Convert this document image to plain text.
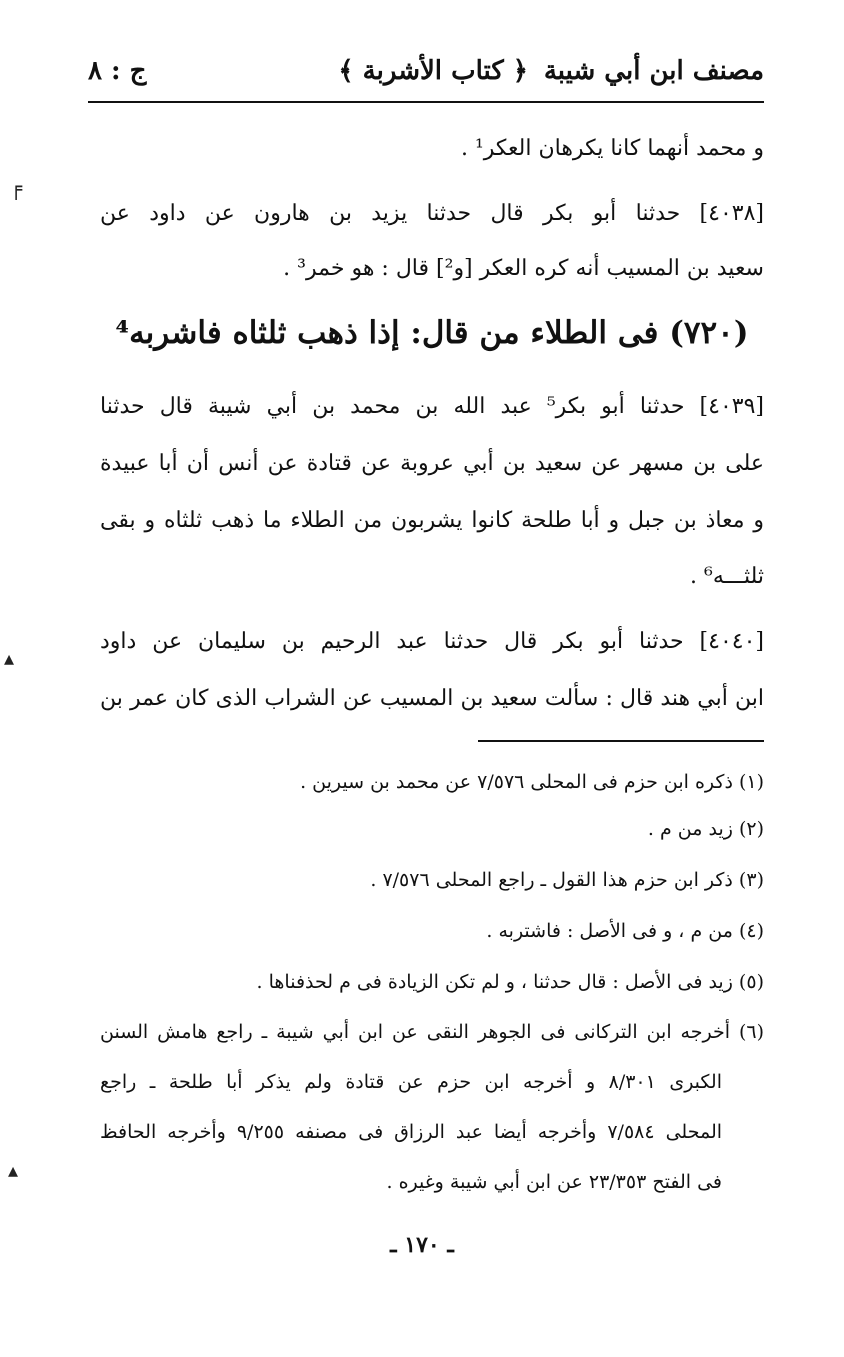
مصنف ابن أبي شيبة
﴿ كتاب الأشربة ﴾
ج : ٨
و محمد أنهما كانا يكرهان العكر¹ .
[٤٠٣٨] حدثنا أبو بكر قال حدثنا يزيد بن هارون عن داود عن
سعيد بن المسيب أنه كره العكر [و²] قال : هو خمر³ .
(٧٢٠) فى الطلاء من قال: إذا ذهب ثلثاه فاشربه⁴
[٤٠٣٩] حدثنا أبو بكر⁵ عبد الله بن محمد بن أبي شيبة قال حدثنا
على بن مسهر عن سعيد بن أبي عروبة عن قتادة عن أنس أن أبا عبيدة
و معاذ بن جبل و أبا طلحة كانوا يشربون من الطلاء ما ذهب ثلثاه و بقى
ثلثـــه⁶ .
[٤٠٤٠] حدثنا أبو بكر قال حدثنا عبد الرحيم بن سليمان عن داود
ابن أبي هند قال : سألت سعيد بن المسيب عن الشراب الذى كان عمر بن
(١) ذكره ابن حزم فى المحلى ٧/٥٧٦ عن محمد بن سيرين .
(٢) زيد من م .
(٣) ذكر ابن حزم هذا القول ـ راجع المحلى ٧/٥٧٦ .
(٤) من م ، و فى الأصل : فاشتربه .
(٥) زيد فى الأصل : قال حدثنا ، و لم تكن الزيادة فى م لحذفناها .
(٦) أخرجه ابن التركانى فى الجوهر النقى عن ابن أبي شيبة ـ راجع هامش السنن
الكبرى ٨/٣٠١ و أخرجه ابن حزم عن قتادة ولم يذكر أبا طلحة ـ راجع
المحلى ٧/٥٨٤ وأخرجه أيضا عبد الرزاق فى مصنفه ٩/٢٥٥ وأخرجه الحافظ
فى الفتح ٢٣/٣٥٣ عن ابن أبي شيبة وغيره .
ـ ١٧٠ ـ
╒
▴
▴
